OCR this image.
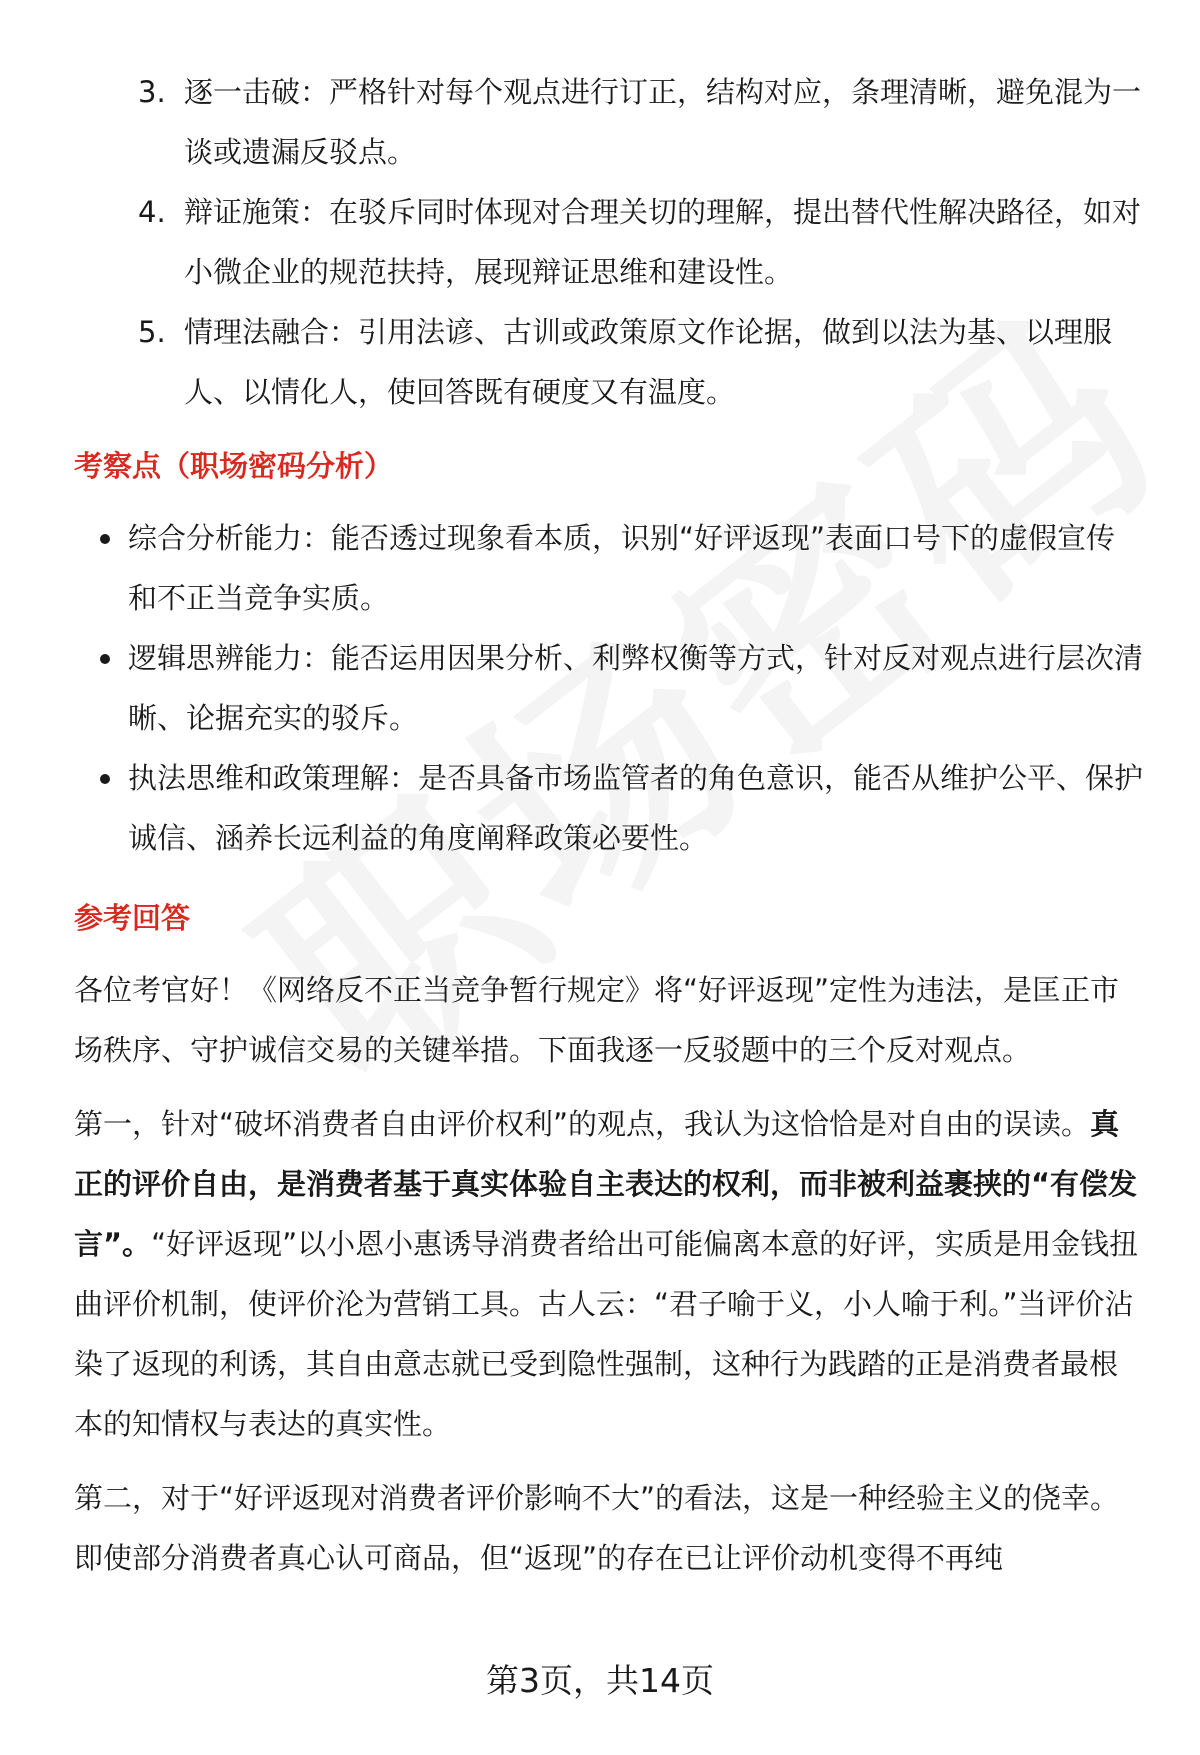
3. 逐一击破：严格针对每个观点进行订正，结构对应，条理清晰，避免混为一谈或遗漏反驳点。
4. 辩证施策：在驳斥同时体现对合理关切的理解，提出替代性解决路径，如对小微企业的规范扶持，展现辩证思维和建设性。
5. 情理法融合：引用法谚、古训或政策原文作论据，做到以法为基、以理服人、以情化人，使回答既有硬度又有温度。

考察点（职场密码分析）

综合分析能力：能否透过现象看本质，识别“好评返现”表面口号下的虚假宣传和不正当竞争实质。
逻辑思辨能力：能否运用因果分析、利弊权衡等方式，针对反对观点进行层次清晰、论据充实的驳斥。
执法思维和政策理解：是否具备市场监管者的角色意识，能否从维护公平、保护诚信、涵养长远利益的角度阐释政策必要性。

参考回答

各位考官好！《网络反不正当竞争暂行规定》将“好评返现”定性为违法，是匡正市场秩序、守护诚信交易的关键举措。下面我逐一反驳题中的三个反对观点。

第一，针对“破坏消费者自由评价权利”的观点，我认为这恰恰是对自由的误读。真正的评价自由，是消费者基于真实体验自主表达的权利，而非被利益裹挟的“有偿发言”。“好评返现”以小恩小惠诱导消费者给出可能偏离本意的好评，实质是用金钱扭曲评价机制，使评价沦为营销工具。古人云：“君子喻于义，小人喻于利。”当评价沾染了返现的利诱，其自由意志就已受到隐性强制，这种行为践踏的正是消费者最根本的知情权与表达的真实性。

第二，对于“好评返现对消费者评价影响不大”的看法，这是一种经验主义的侥幸。即使部分消费者真心认可商品，但“返现”的存在已让评价动机变得不再纯

第3页，共14页
